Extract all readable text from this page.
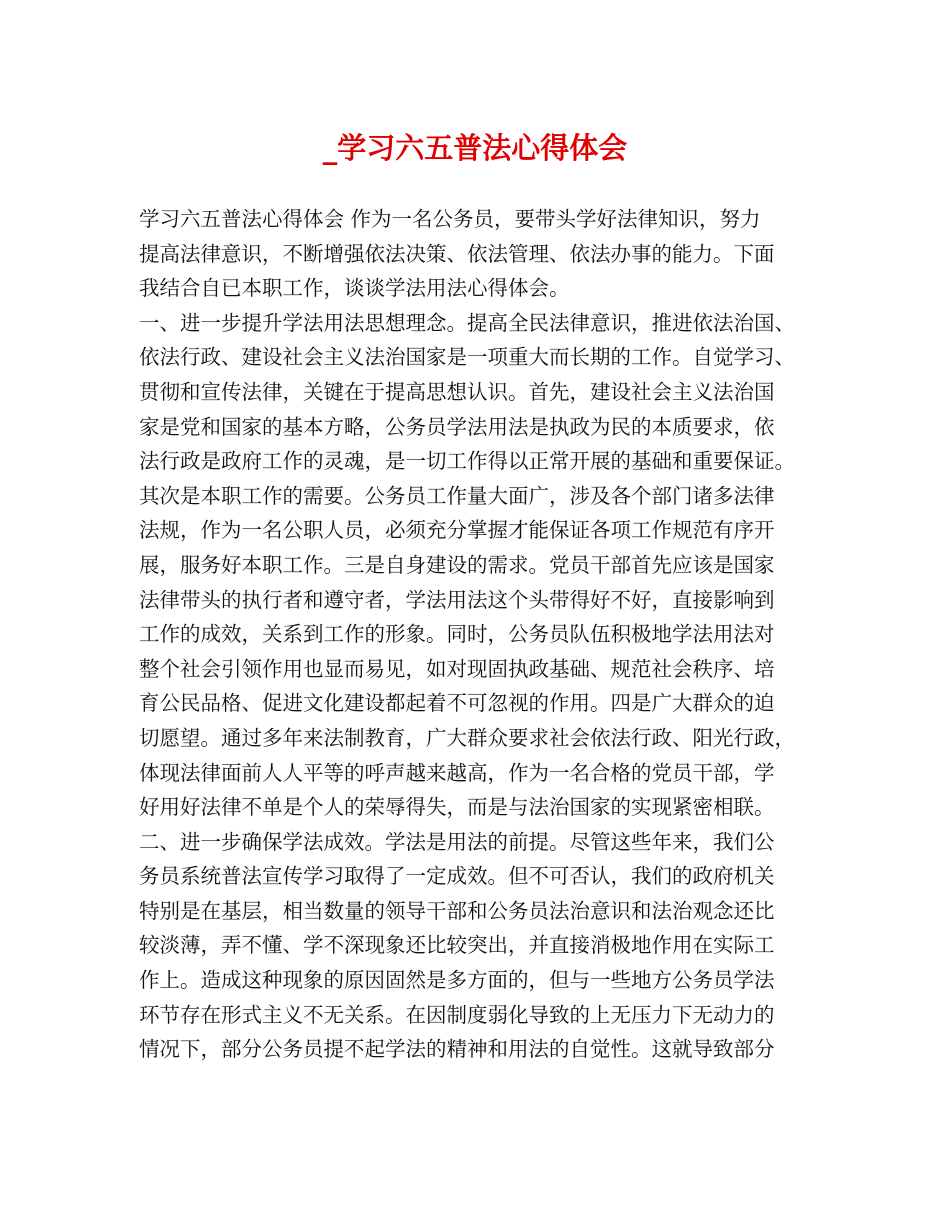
_学习六五普法心得体会
学习六五普法心得体会 作为一名公务员，要带头学好法律知识，努力
提高法律意识，不断增强依法决策、依法管理、依法办事的能力。下面
我结合自已本职工作，谈谈学法用法心得体会。
一、进一步提升学法用法思想理念。提高全民法律意识，推进依法治国、
依法行政、建设社会主义法治国家是一项重大而长期的工作。自觉学习、
贯彻和宣传法律，关键在于提高思想认识。首先，建设社会主义法治国
家是党和国家的基本方略，公务员学法用法是执政为民的本质要求，依
法行政是政府工作的灵魂，是一切工作得以正常开展的基础和重要保证。
其次是本职工作的需要。公务员工作量大面广，涉及各个部门诸多法律
法规，作为一名公职人员，必须充分掌握才能保证各项工作规范有序开
展，服务好本职工作。三是自身建设的需求。党员干部首先应该是国家
法律带头的执行者和遵守者，学法用法这个头带得好不好，直接影响到
工作的成效，关系到工作的形象。同时，公务员队伍积极地学法用法对
整个社会引领作用也显而易见，如对现固执政基础、规范社会秩序、培
育公民品格、促进文化建设都起着不可忽视的作用。四是广大群众的迫
切愿望。通过多年来法制教育，广大群众要求社会依法行政、阳光行政，
体现法律面前人人平等的呼声越来越高，作为一名合格的党员干部，学
好用好法律不单是个人的荣辱得失，而是与法治国家的实现紧密相联。
二、进一步确保学法成效。学法是用法的前提。尽管这些年来，我们公
务员系统普法宣传学习取得了一定成效。但不可否认，我们的政府机关
特别是在基层，相当数量的领导干部和公务员法治意识和法治观念还比
较淡薄，弄不懂、学不深现象还比较突出，并直接消极地作用在实际工
作上。造成这种现象的原因固然是多方面的，但与一些地方公务员学法
环节存在形式主义不无关系。在因制度弱化导致的上无压力下无动力的
情况下，部分公务员提不起学法的精神和用法的自觉性。这就导致部分
